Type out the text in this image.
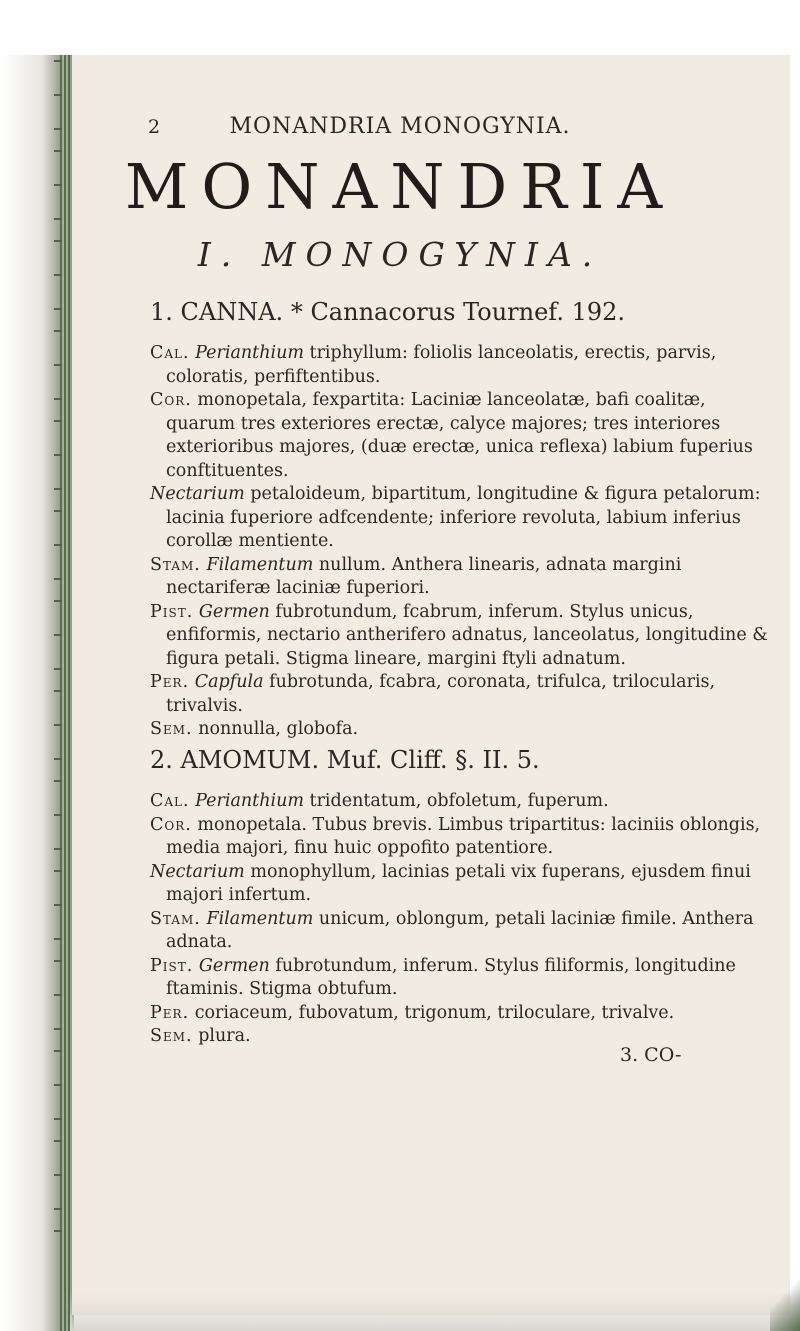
2	MONANDRIA MONOGYNIA.
MONANDRIA
I. MONOGYNIA.
1. CANNA. * Cannacorus Tournef. 192.

Cal. Perianthium triphyllum: foliolis lanceolatis, erectis, parvis, coloratis, perfiftentibus.

Cor. monopetala, fexpartita: Laciniæ lanceolatæ, bafi coalitæ, quarum tres exteriores erectæ, calyce majores; tres interiores exterioribus majores, (duæ erectæ, unica reflexa) labium fuperius conftituentes.

Nectarium petaloideum, bipartitum, longitudine & figura petalorum: lacinia fuperiore adfcendente; inferiore revoluta, labium inferius corollæ mentiente.

Stam. Filamentum nullum. Anthera linearis, adnata margini nectariferæ laciniæ fuperiori.

Pist. Germen fubrotundum, fcabrum, inferum. Stylus unicus, enfiformis, nectario antherifero adnatus, lanceolatus, longitudine & figura petali. Stigma lineare, margini ftyli adnatum.

Per. Capfula fubrotunda, fcabra, coronata, trifulca, trilocularis, trivalvis.

Sem. nonnulla, globofa.

2. AMOMUM. Muf. Cliff. §. II. 5.

Cal. Perianthium tridentatum, obfoletum, fuperum.

Cor. monopetala. Tubus brevis. Limbus tripartitus: laciniis oblongis, media majori, finu huic oppofito patentiore.

Nectarium monophyllum, lacinias petali vix fuperans, ejusdem finui majori infertum.

Stam. Filamentum unicum, oblongum, petali laciniæ fimile. Anthera adnata.

Pist. Germen fubrotundum, inferum. Stylus filiformis, longitudine ftaminis. Stigma obtufum.

Per. coriaceum, fubovatum, trigonum, triloculare, trivalve.

Sem. plura.

3. CO-
